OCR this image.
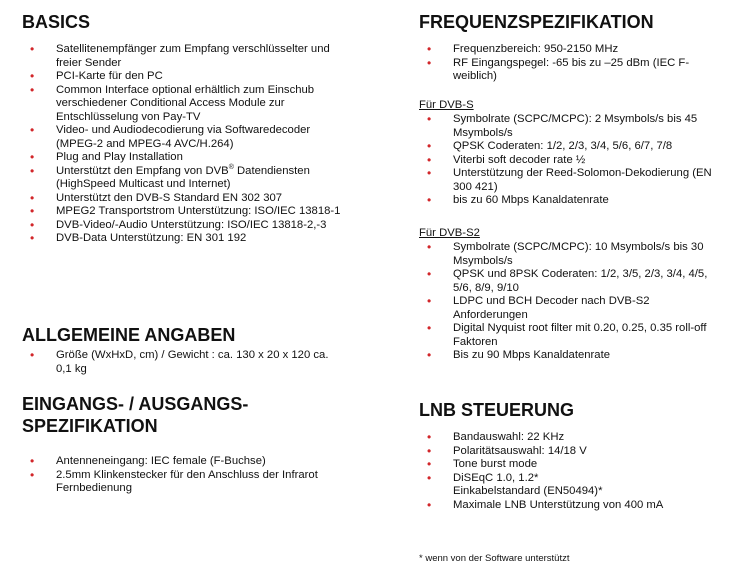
BASICS
• Satellitenempfänger zum Empfang verschlüsselter und freier Sender
• PCI-Karte für den PC
• Common Interface optional erhältlich zum Einschub verschiedener Conditional Access Module zur Entschlüsselung von Pay-TV
• Video- und Audiodecodierung via Softwaredecoder (MPEG-2 and MPEG-4 AVC/H.264)
• Plug and Play Installation
• Unterstützt den Empfang von DVB® Datendiensten (HighSpeed Multicast und Internet)
• Unterstützt den DVB-S Standard EN 302 307
• MPEG2 Transportstrom Unterstützung: ISO/IEC 13818-1
• DVB-Video/-Audio Unterstützung: ISO/IEC 13818-2,-3
• DVB-Data Unterstützung: EN 301 192
ALLGEMEINE ANGABEN
• Größe (WxHxD, cm) / Gewicht : ca. 130 x 20 x 120 ca. 0,1 kg
EINGANGS- / AUSGANGS-
SPEZIFIKATION
• Antenneneingang: IEC female (F-Buchse)
• 2.5mm Klinkenstecker für den Anschluss der Infrarot Fernbedienung
FREQUENZSPEZIFIKATION
• Frequenzbereich: 950-2150 MHz
• RF Eingangspegel: -65 bis zu –25 dBm (IEC F-weiblich)
Für DVB-S
• Symbolrate (SCPC/MCPC): 2 Msymbols/s bis 45 Msymbols/s
• QPSK Coderaten: 1/2, 2/3, 3/4, 5/6, 6/7, 7/8
• Viterbi soft decoder rate ½
• Unterstützung der Reed-Solomon-Dekodierung (EN 300 421)
• bis zu 60 Mbps Kanaldatenrate
Für DVB-S2
• Symbolrate (SCPC/MCPC): 10 Msymbols/s bis 30 Msymbols/s
• QPSK und 8PSK Coderaten: 1/2, 3/5, 2/3, 3/4, 4/5, 5/6, 8/9, 9/10
• LDPC und BCH Decoder nach DVB-S2 Anforderungen
• Digital Nyquist root filter mit 0.20, 0.25, 0.35 roll-off Faktoren
• Bis zu 90 Mbps Kanaldatenrate
LNB STEUERUNG
• Bandauswahl: 22 KHz
• Polaritätsauswahl: 14/18 V
• Tone burst mode
• DiSEqC 1.0, 1.2*
Einkabelstandard (EN50494)*
• Maximale LNB Unterstützung von 400 mA
* wenn von der Software unterstützt
